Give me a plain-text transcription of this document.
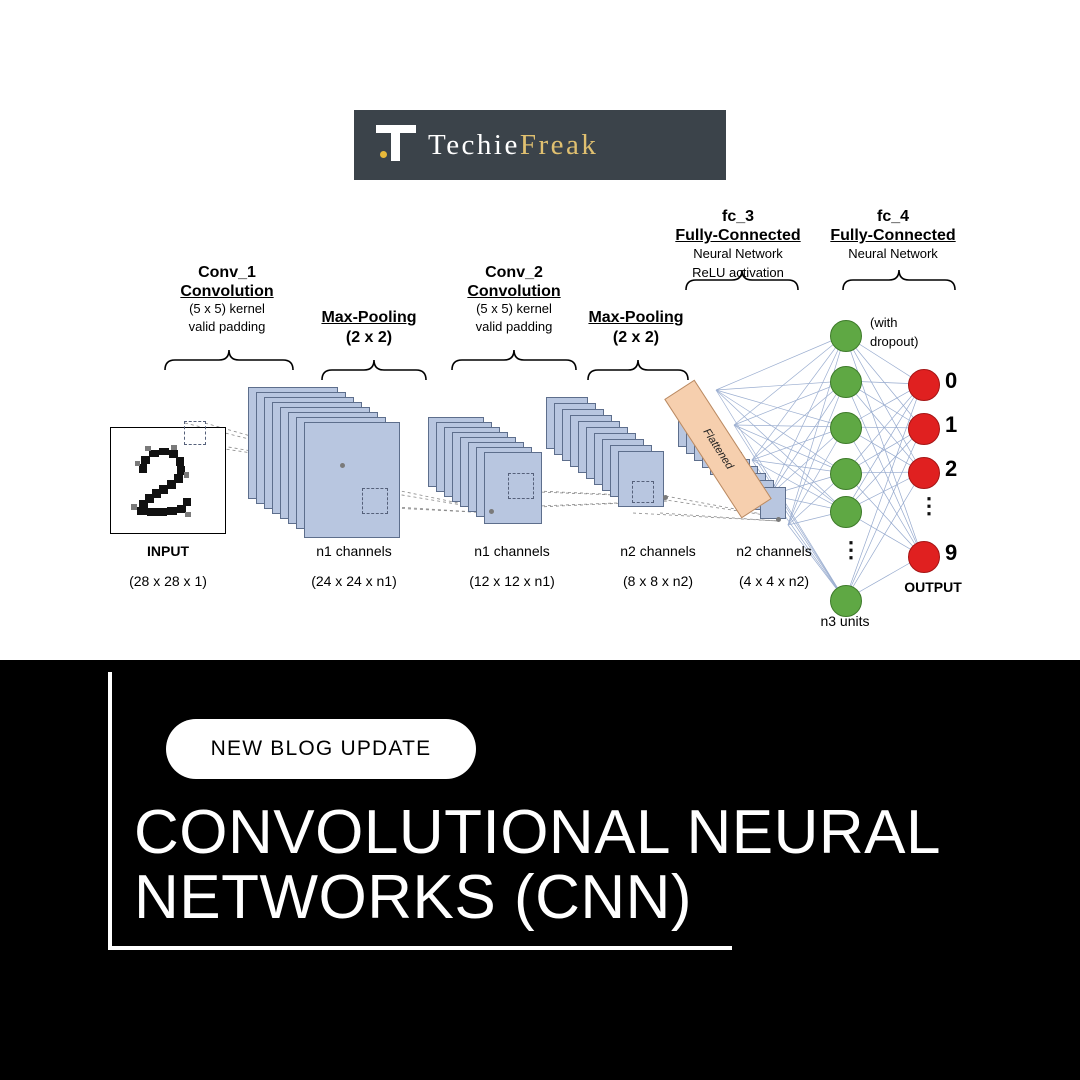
TechieFreak
Conv_1
Convolution
(5 x 5) kernel
valid padding
Max-Pooling
(2 x 2)
Conv_2
Convolution
(5 x 5) kernel
valid padding
Max-Pooling
(2 x 2)
fc_3
Fully-Connected
Neural Network
ReLU activation
fc_4
Fully-Connected
Neural Network
(with
dropout)
INPUT
(28 x 28 x 1)
n1 channels
(24 x 24 x n1)
n1 channels
(12 x 12 x n1)
n2 channels
(8 x 8 x n2)
n2 channels
(4 x 4 x n2)
Flattened
⋮
n3 units
0
1
2
⋮
9
OUTPUT
NEW BLOG UPDATE
CONVOLUTIONAL NEURAL
NETWORKS (CNN)
